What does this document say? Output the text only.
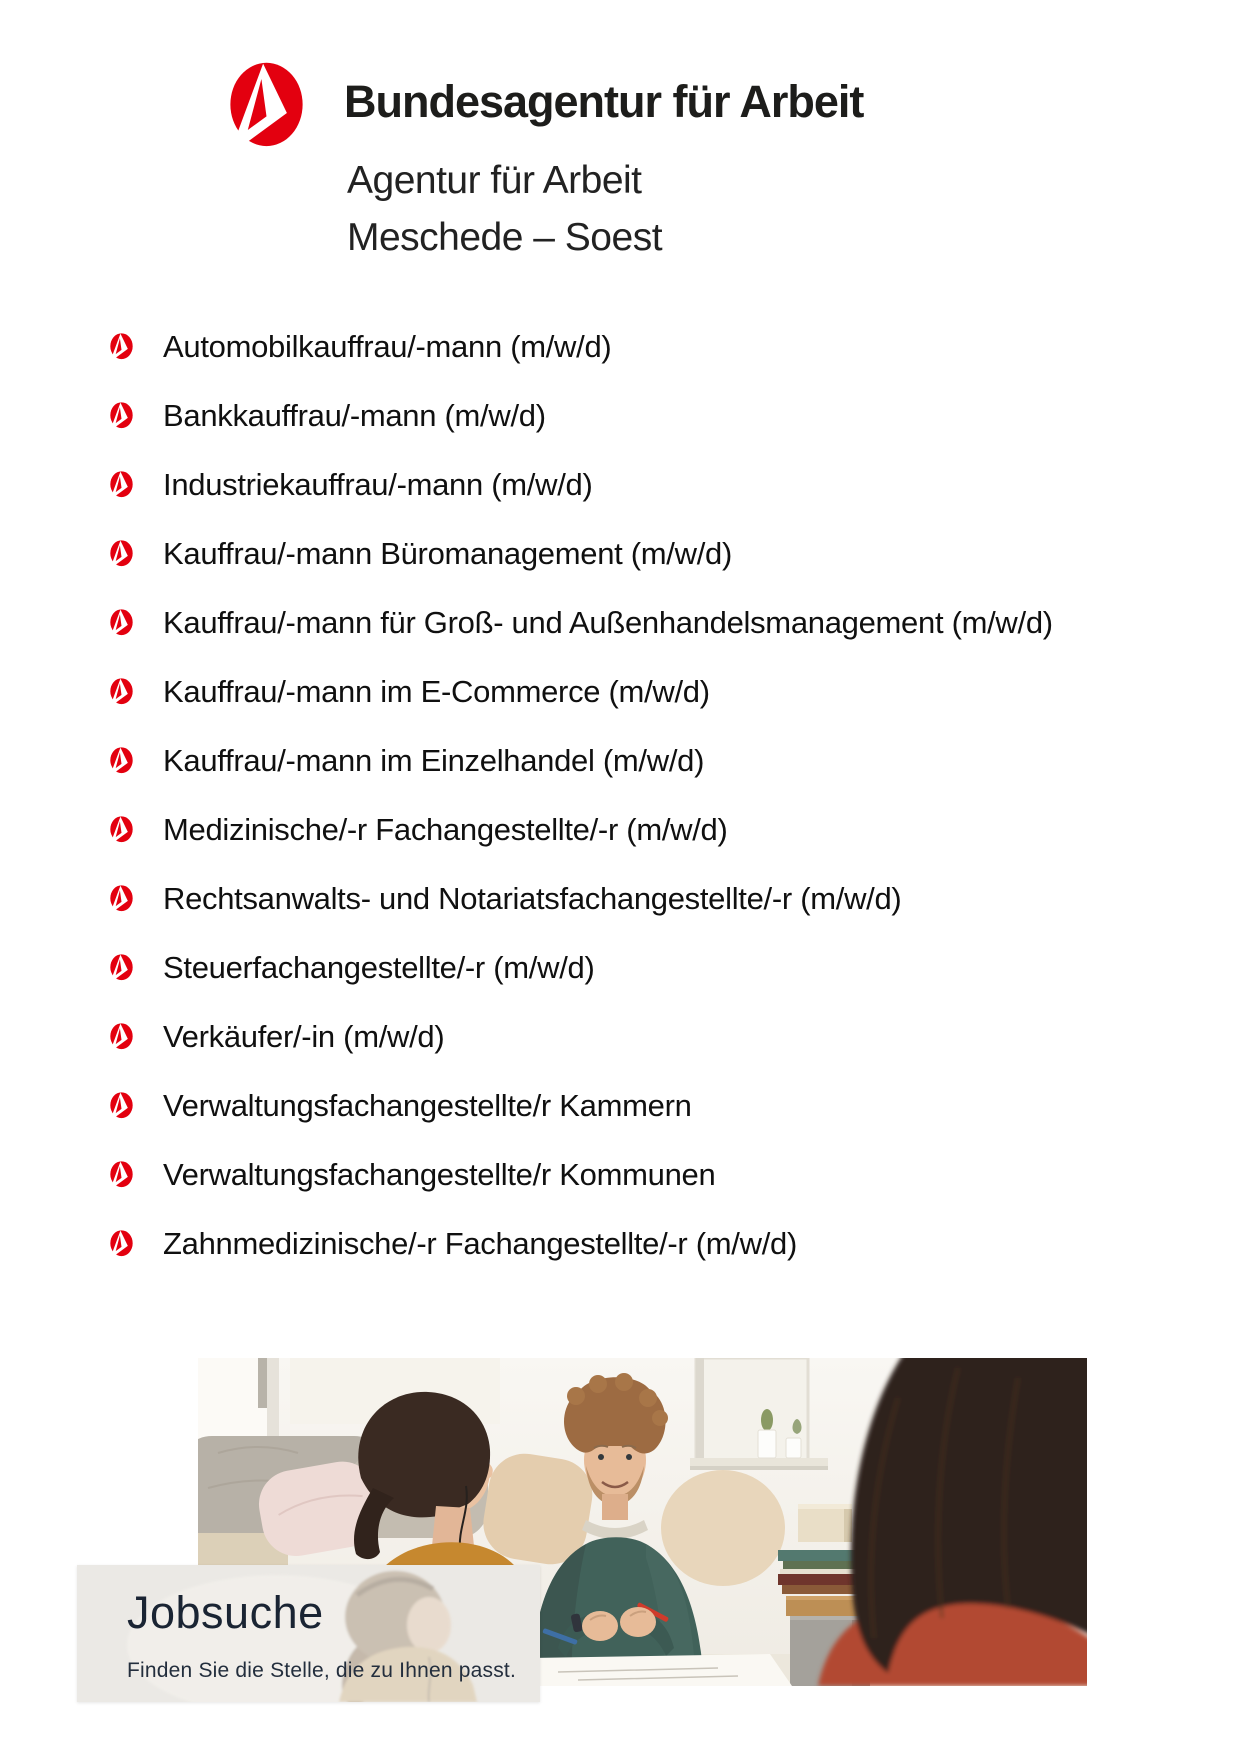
Bundesagentur für Arbeit
Agentur für Arbeit
Meschede – Soest
Automobilkauffrau/-mann (m/w/d)
Bankkauffrau/-mann (m/w/d)
Industriekauffrau/-mann (m/w/d)
Kauffrau/-mann Büromanagement (m/w/d)
Kauffrau/-mann für Groß- und Außenhandelsmanagement (m/w/d)
Kauffrau/-mann im E-Commerce (m/w/d)
Kauffrau/-mann im Einzelhandel (m/w/d)
Medizinische/-r Fachangestellte/-r (m/w/d)
Rechtsanwalts- und Notariatsfachangestellte/-r (m/w/d)
Steuerfachangestellte/-r (m/w/d)
Verkäufer/-in (m/w/d)
Verwaltungsfachangestellte/r Kammern
Verwaltungsfachangestellte/r Kommunen
Zahnmedizinische/-r Fachangestellte/-r (m/w/d)
Jobsuche
Finden Sie die Stelle, die zu Ihnen passt.
